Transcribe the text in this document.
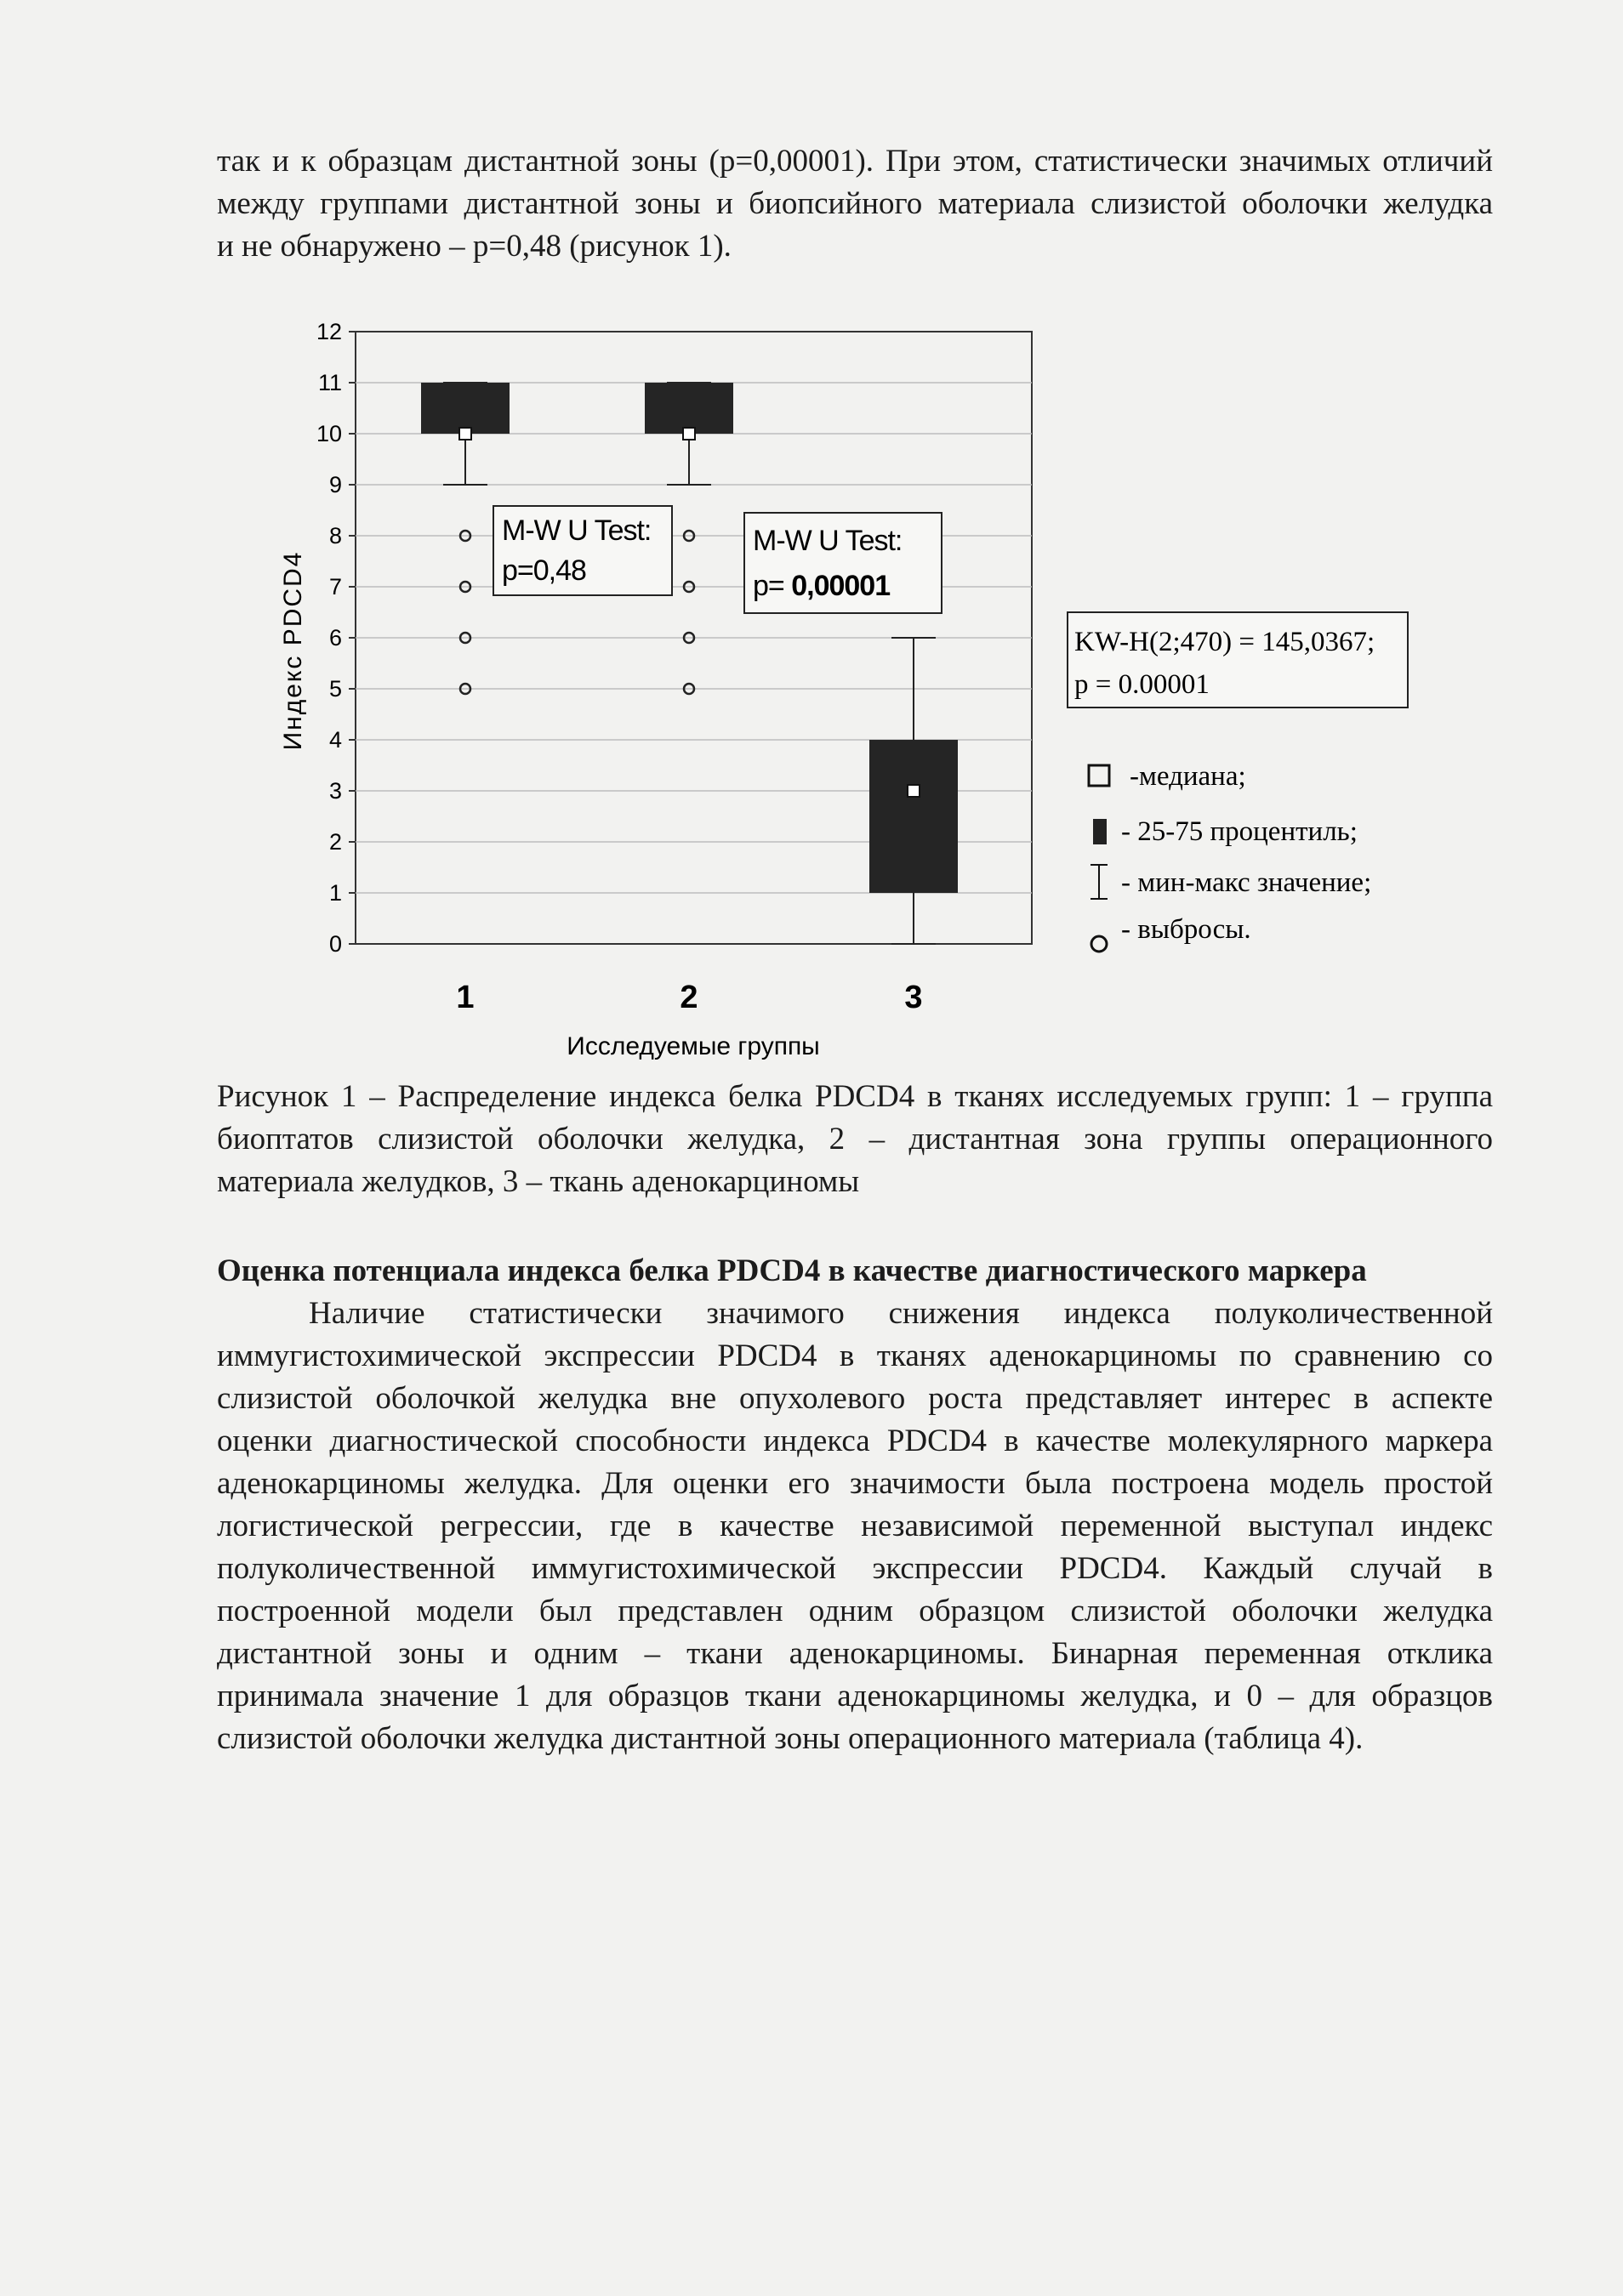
так и к образцам дистантной зоны (p=0,00001). При этом, статистически значимых отличий

между группами дистантной зоны и биопсийного материала слизистой оболочки желудка

и не обнаружено – p=0,48 (рисунок 1).

Индекс PDCD4
0
1
2
3
4
5
6
7
8
9
10
11
12
1	2	3
Исследуемые группы
M-W U Test:
p=0,48
M-W U Test:
p= 0,00001
KW-H(2;470) = 145,0367;
p = 0.00001
-медиана;
- 25-75 процентиль;
- мин-макс значение;
- выбросы.

Рисунок 1 – Распределение индекса белка PDCD4 в тканях исследуемых групп: 1 – группа

биоптатов слизистой оболочки желудка, 2 – дистантная зона группы операционного

материала желудков, 3 – ткань аденокарциномы

Оценка потенциала индекса белка PDCD4 в качестве диагностического маркера

Наличие статистически значимого снижения индекса полуколичественной

иммугистохимической экспрессии PDCD4 в тканях аденокарциномы по сравнению со

слизистой оболочкой желудка вне опухолевого роста представляет интерес в аспекте

оценки диагностической способности индекса PDCD4 в качестве молекулярного маркера

аденокарциномы желудка. Для оценки его значимости была построена модель простой

логистической регрессии, где в качестве независимой переменной выступал индекс

полуколичественной иммугистохимической экспрессии PDCD4. Каждый случай в

построенной модели был представлен одним образцом слизистой оболочки желудка

дистантной зоны и одним – ткани аденокарциномы. Бинарная переменная отклика

принимала значение 1 для образцов ткани аденокарциномы желудка, и 0 – для образцов

слизистой оболочки желудка дистантной зоны операционного материала (таблица 4).
